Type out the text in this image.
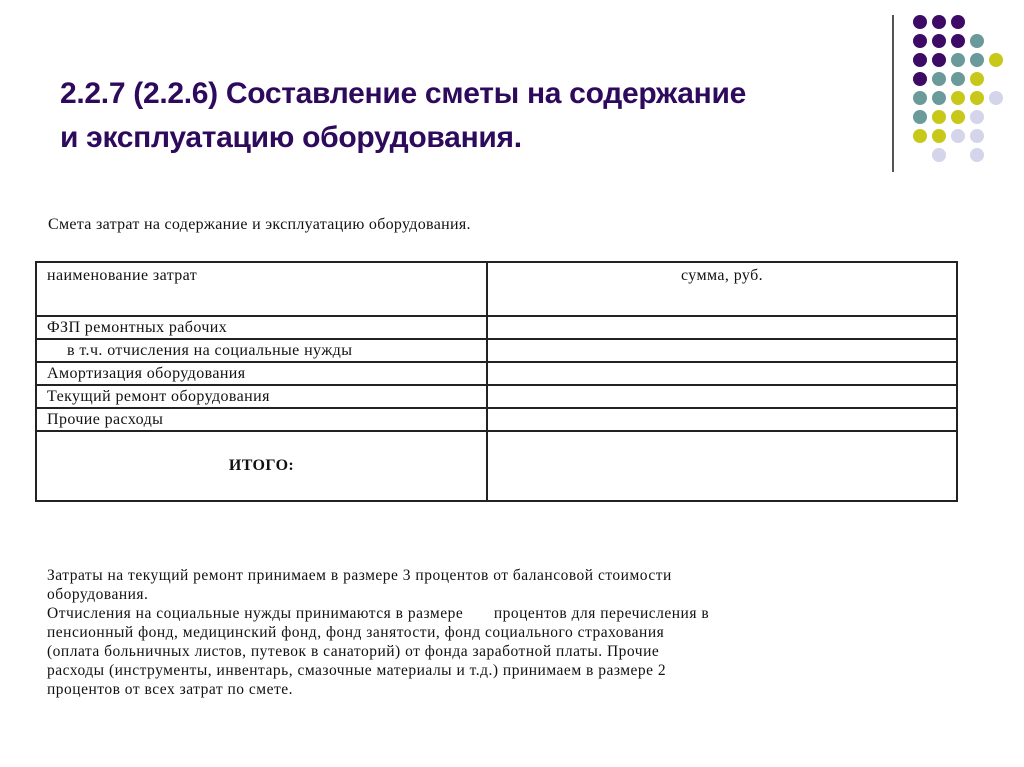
2.2.7 (2.2.6) Составление сметы на содержание
и эксплуатацию оборудования.
Смета затрат на содержание и эксплуатацию оборудования.
наименование затрат	сумма, руб.
ФЗП ремонтных рабочих	
в т.ч. отчисления на социальные нужды	
Амортизация оборудования	
Текущий ремонт оборудования	
Прочие расходы	
ИТОГО:	

Затраты на текущий ремонт принимаем в размере 3 процентов от балансовой стоимости

оборудования.

Отчисления на социальные нужды принимаются в размере       процентов для перечисления в

пенсионный фонд, медицинский фонд, фонд занятости, фонд социального страхования

(оплата больничных листов, путевок в санаторий) от фонда заработной платы. Прочие

расходы (инструменты, инвентарь, смазочные материалы и т.д.) принимаем в размере 2

процентов от всех затрат по смете.
